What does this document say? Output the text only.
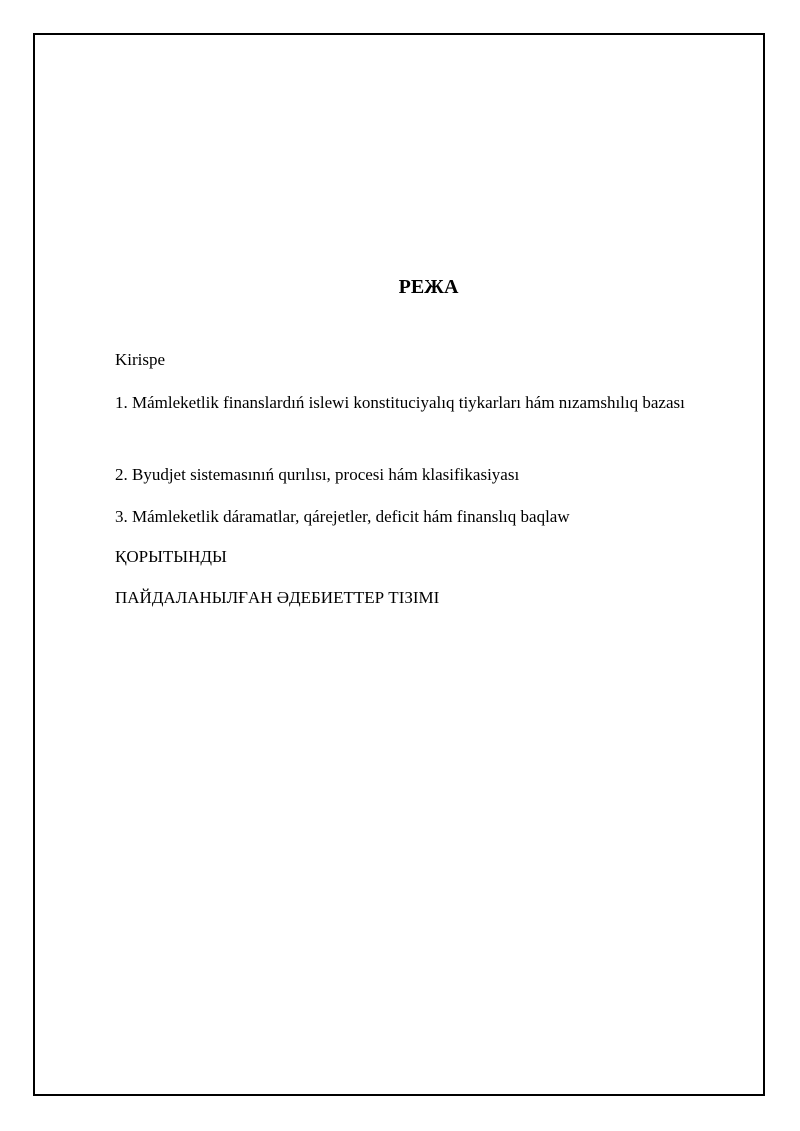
РЕЖА
Kirispe
1. Mámleketlik finanslardıń islewi konstituciyalıq tiykarları hám nızamshılıq bazası
2. Byudjet sistemasınıń qurılısı, procesi hám klasifikasiyası
3. Mámleketlik dáramatlar, qárejetler, deficit hám finanslıq baqlaw
ҚОРЫТЫНДЫ
ПАЙДАЛАНЫЛҒАН ӘДЕБИЕТТЕР ТІЗІМІ
